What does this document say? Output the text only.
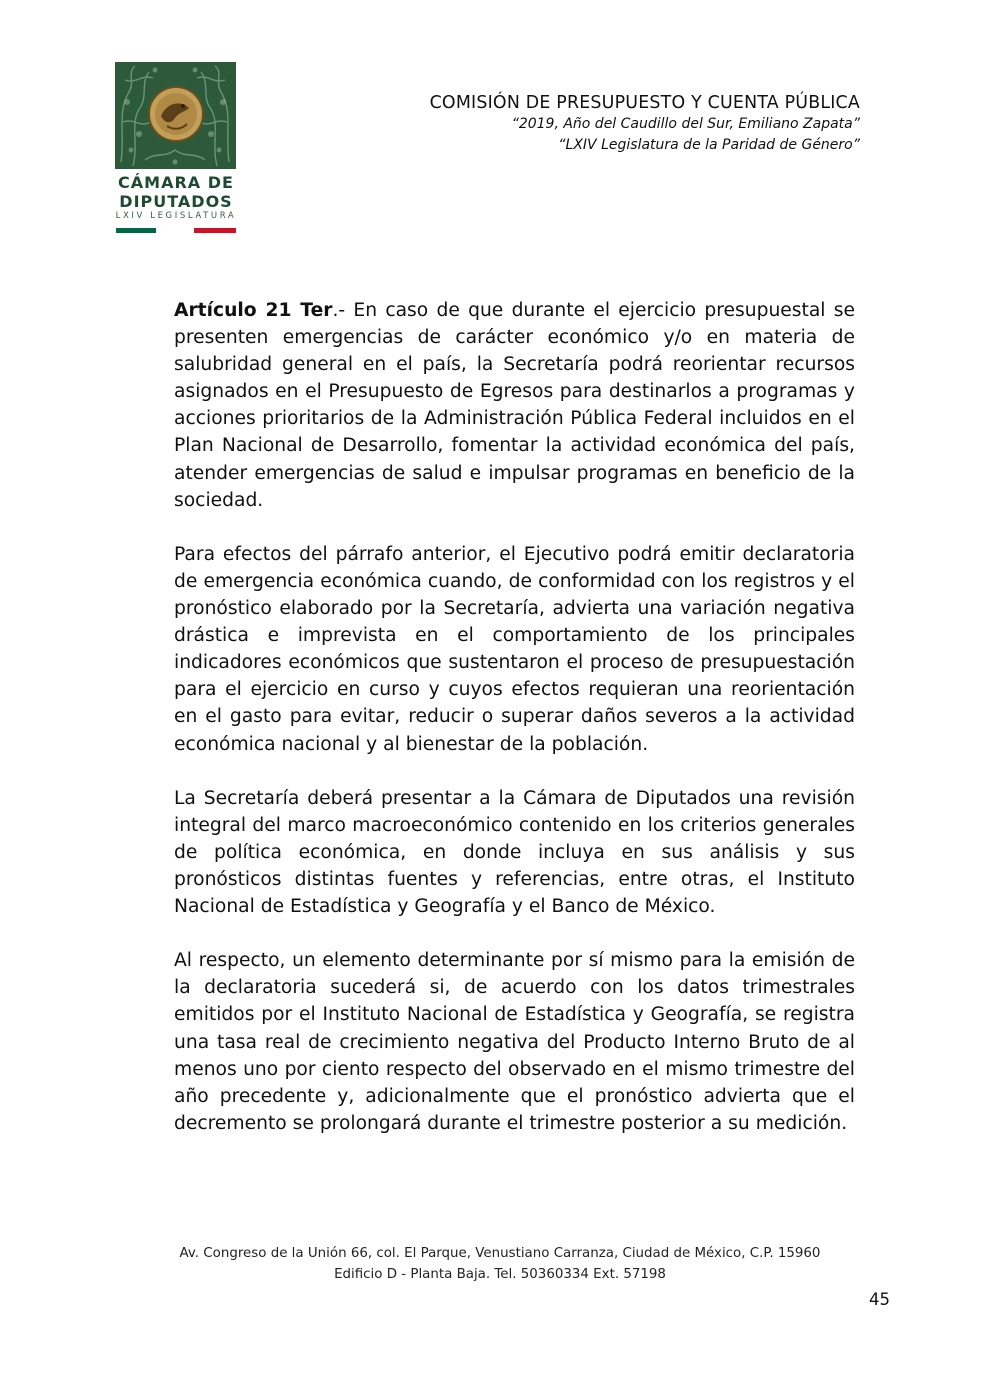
CÁMARA DE
DIPUTADOS
LXIV LEGISLATURA
COMISIÓN DE PRESUPUESTO Y CUENTA PÚBLICA
“2019, Año del Caudillo del Sur, Emiliano Zapata”
“LXIV Legislatura de la Paridad de Género”

Artículo 21 Ter.- En caso de que durante el ejercicio presupuestal se presenten emergencias de carácter económico y/o en materia de salubridad general en el país, la Secretaría podrá reorientar recursos asignados en el Presupuesto de Egresos para destinarlos a programas y acciones prioritarios de la Administración Pública Federal incluidos en el Plan Nacional de Desarrollo, fomentar la actividad económica del país, atender emergencias de salud e impulsar programas en beneficio de la sociedad.

Para efectos del párrafo anterior, el Ejecutivo podrá emitir declaratoria de emergencia económica cuando, de conformidad con los registros y el pronóstico elaborado por la Secretaría, advierta una variación negativa drástica e imprevista en el comportamiento de los principales indicadores económicos que sustentaron el proceso de presupuestación para el ejercicio en curso y cuyos efectos requieran una reorientación en el gasto para evitar, reducir o superar daños severos a la actividad económica nacional y al bienestar de la población.

La Secretaría deberá presentar a la Cámara de Diputados una revisión integral del marco macroeconómico contenido en los criterios generales de política económica, en donde incluya en sus análisis y sus pronósticos distintas fuentes y referencias, entre otras, el Instituto Nacional de Estadística y Geografía y el Banco de México.

Al respecto, un elemento determinante por sí mismo para la emisión de la declaratoria sucederá si, de acuerdo con los datos trimestrales emitidos por el Instituto Nacional de Estadística y Geografía, se registra una tasa real de crecimiento negativa del Producto Interno Bruto de al menos uno por ciento respecto del observado en el mismo trimestre del año precedente y, adicionalmente que el pronóstico advierta que el decremento se prolongará durante el trimestre posterior a su medición.

Av. Congreso de la Unión 66, col. El Parque, Venustiano Carranza, Ciudad de México, C.P. 15960
Edificio D - Planta Baja. Tel. 50360334 Ext. 57198
45
